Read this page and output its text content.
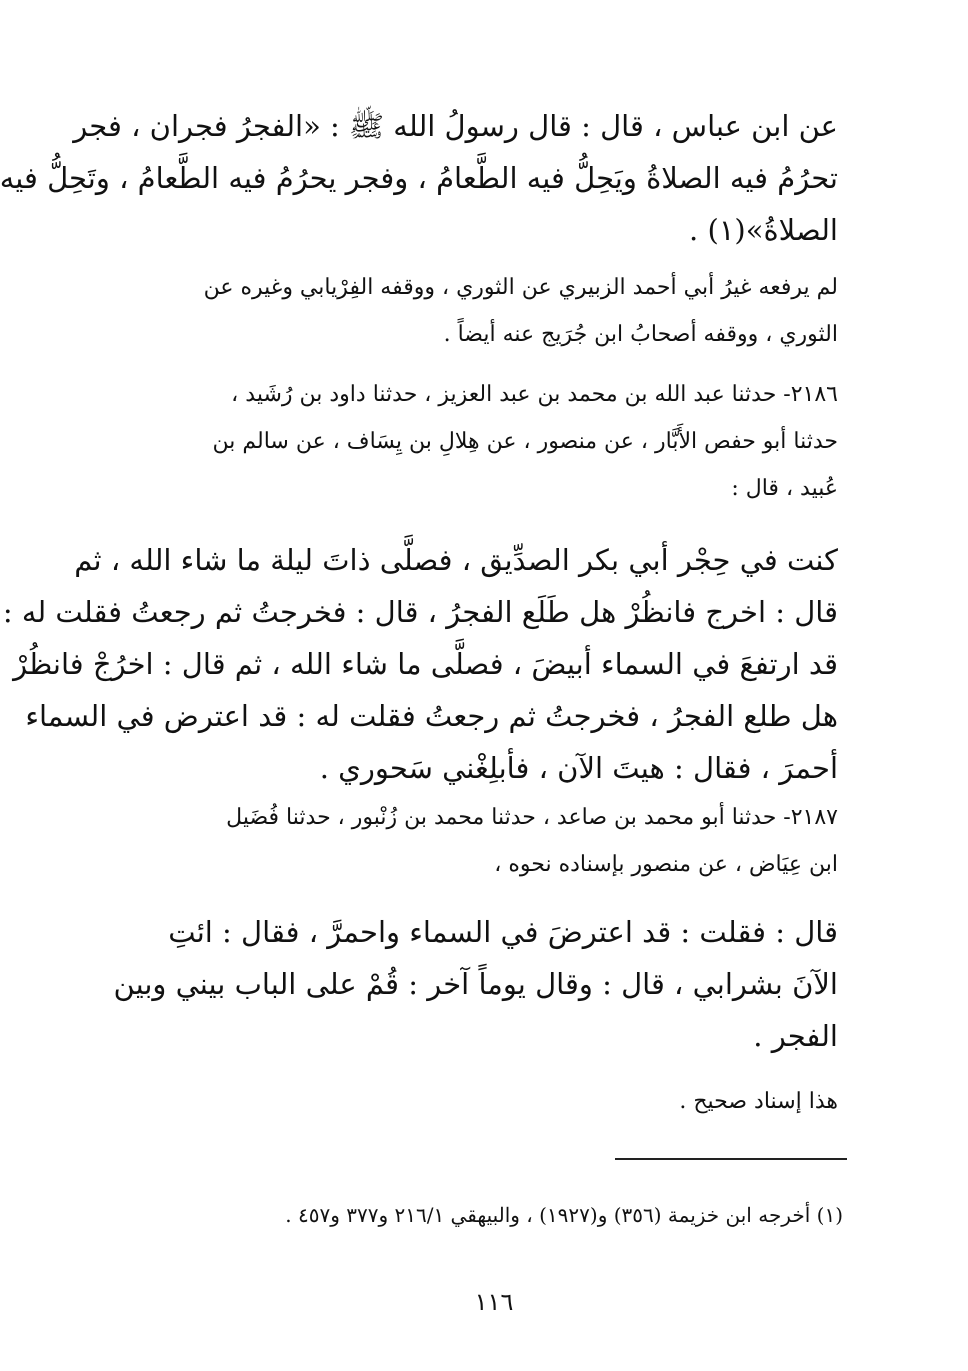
عن ابن عباس ، قال : قال رسولُ الله ﷺ : «الفجرُ فجران ، فجر
تحرُمُ فيه الصلاةُ ويَحِلُّ فيه الطَّعامُ ، وفجر يحرُمُ فيه الطَّعامُ ، وتَحِلُّ فيه
الصلاةُ»(١) .
لم يرفعه غيرُ أبي أحمد الزبيري عن الثوري ، ووقفه الفِرْيابي وغيره عن
الثوري ، ووقفه أصحابُ ابن جُرَيج عنه أيضاً .
٢١٨٦- حدثنا عبد الله بن محمد بن عبد العزيز ، حدثنا داود بن رُشَيد ،
حدثنا أبو حفص الأَبَّار ، عن منصور ، عن هِلالِ بن يِسَاف ، عن سالم بن
عُبيد ، قال :
كنت في حِجْر أبي بكر الصدِّيق ، فصلَّى ذاتَ ليلة ما شاء الله ، ثم
قال : اخرج فانظُرْ هل طَلَع الفجرُ ، قال : فخرجتُ ثم رجعتُ فقلت له :
قد ارتفعَ في السماء أبيضَ ، فصلَّى ما شاء الله ، ثم قال : اخرُجْ فانظُرْ
هل طلع الفجرُ ، فخرجتُ ثم رجعتُ فقلت له : قد اعترض في السماء
أحمرَ ، فقال : هيتَ الآن ، فأبلِغْني سَحوري .
٢١٨٧- حدثنا أبو محمد بن صاعد ، حدثنا محمد بن زُنْبور ، حدثنا فُضَيل
ابن عِيَاض ، عن منصور بإسناده نحوه ،
قال : فقلت : قد اعترضَ في السماء واحمرَّ ، فقال : ائتِ
الآنَ بشرابي ، قال : وقال يوماً آخر : قُمْ على الباب بيني وبين
الفجر .
هذا إسناد صحيح .
(١) أخرجه ابن خزيمة (٣٥٦) و(١٩٢٧) ، والبيهقي ٢١٦/١ و٣٧٧ و٤٥٧ .
١١٦
